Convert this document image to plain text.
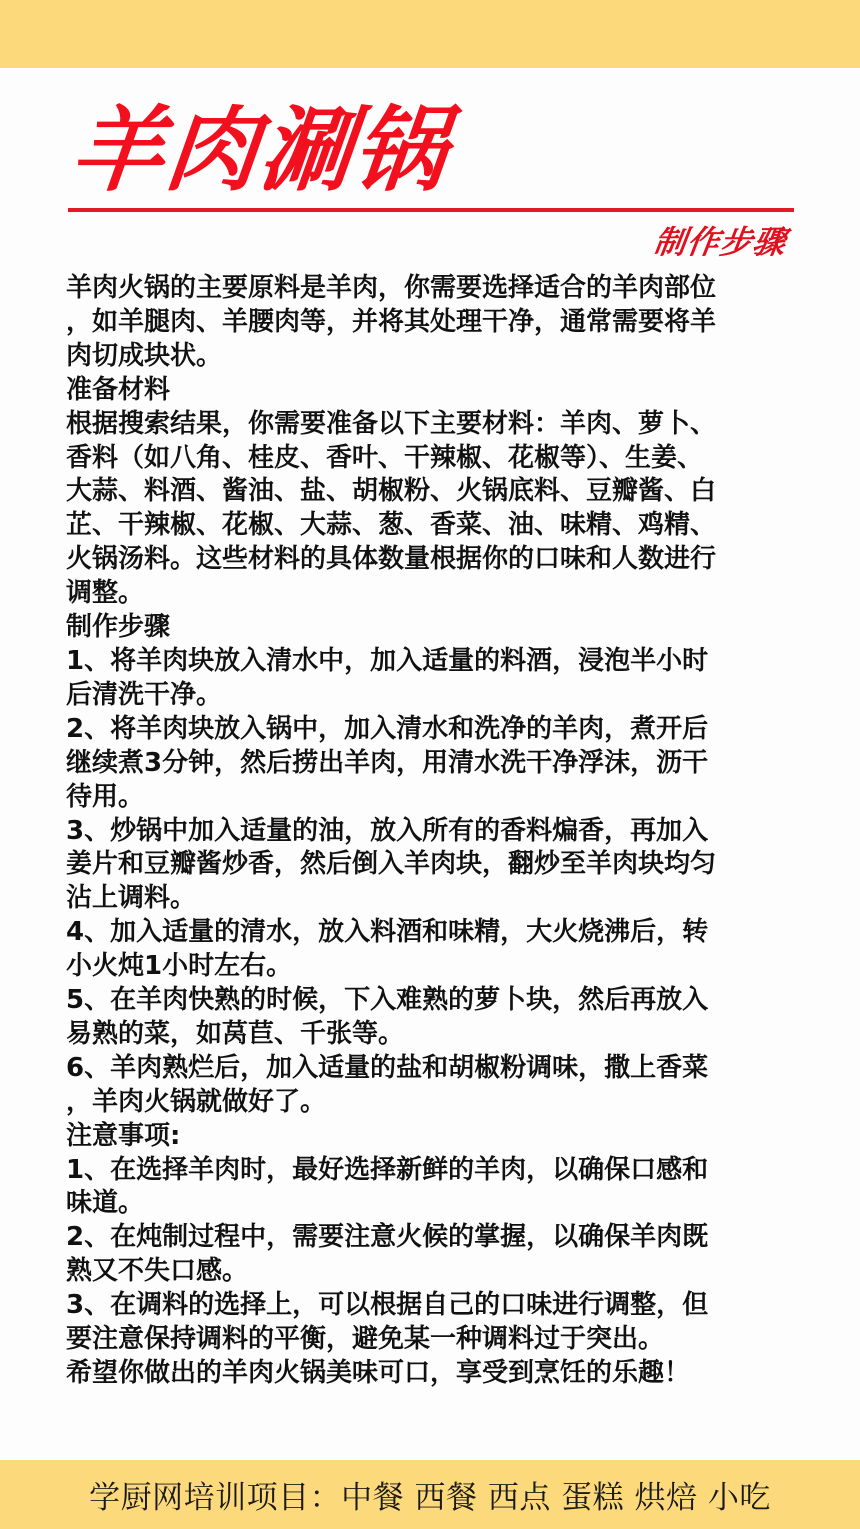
羊肉涮锅
制作步骤
羊肉火锅的主要原料是羊肉，你需要选择适合的羊肉部位
，如羊腿肉、羊腰肉等，并将其处理干净，通常需要将羊
肉切成块状。
准备材料
根据搜索结果，你需要准备以下主要材料：羊肉、萝卜、
香料（如八角、桂皮、香叶、干辣椒、花椒等）、生姜、
大蒜、料酒、酱油、盐、胡椒粉、火锅底料、豆瓣酱、白
芷、干辣椒、花椒、大蒜、葱、香菜、油、味精、鸡精、
火锅汤料。这些材料的具体数量根据你的口味和人数进行
调整。
制作步骤
1、将羊肉块放入清水中，加入适量的料酒，浸泡半小时
后清洗干净。
2、将羊肉块放入锅中，加入清水和洗净的羊肉，煮开后
继续煮3分钟，然后捞出羊肉，用清水洗干净浮沫，沥干
待用。
3、炒锅中加入适量的油，放入所有的香料煸香，再加入
姜片和豆瓣酱炒香，然后倒入羊肉块，翻炒至羊肉块均匀
沾上调料。
4、加入适量的清水，放入料酒和味精，大火烧沸后，转
小火炖1小时左右。
5、在羊肉快熟的时候，下入难熟的萝卜块，然后再放入
易熟的菜，如莴苣、千张等。
6、羊肉熟烂后，加入适量的盐和胡椒粉调味，撒上香菜
，羊肉火锅就做好了。
注意事项:
1、在选择羊肉时，最好选择新鲜的羊肉，以确保口感和
味道。
2、在炖制过程中，需要注意火候的掌握，以确保羊肉既
熟又不失口感。
3、在调料的选择上，可以根据自己的口味进行调整，但
要注意保持调料的平衡，避免某一种调料过于突出。
希望你做出的羊肉火锅美味可口，享受到烹饪的乐趣！
学厨网培训项目：中餐 西餐 西点 蛋糕 烘焙 小吃
